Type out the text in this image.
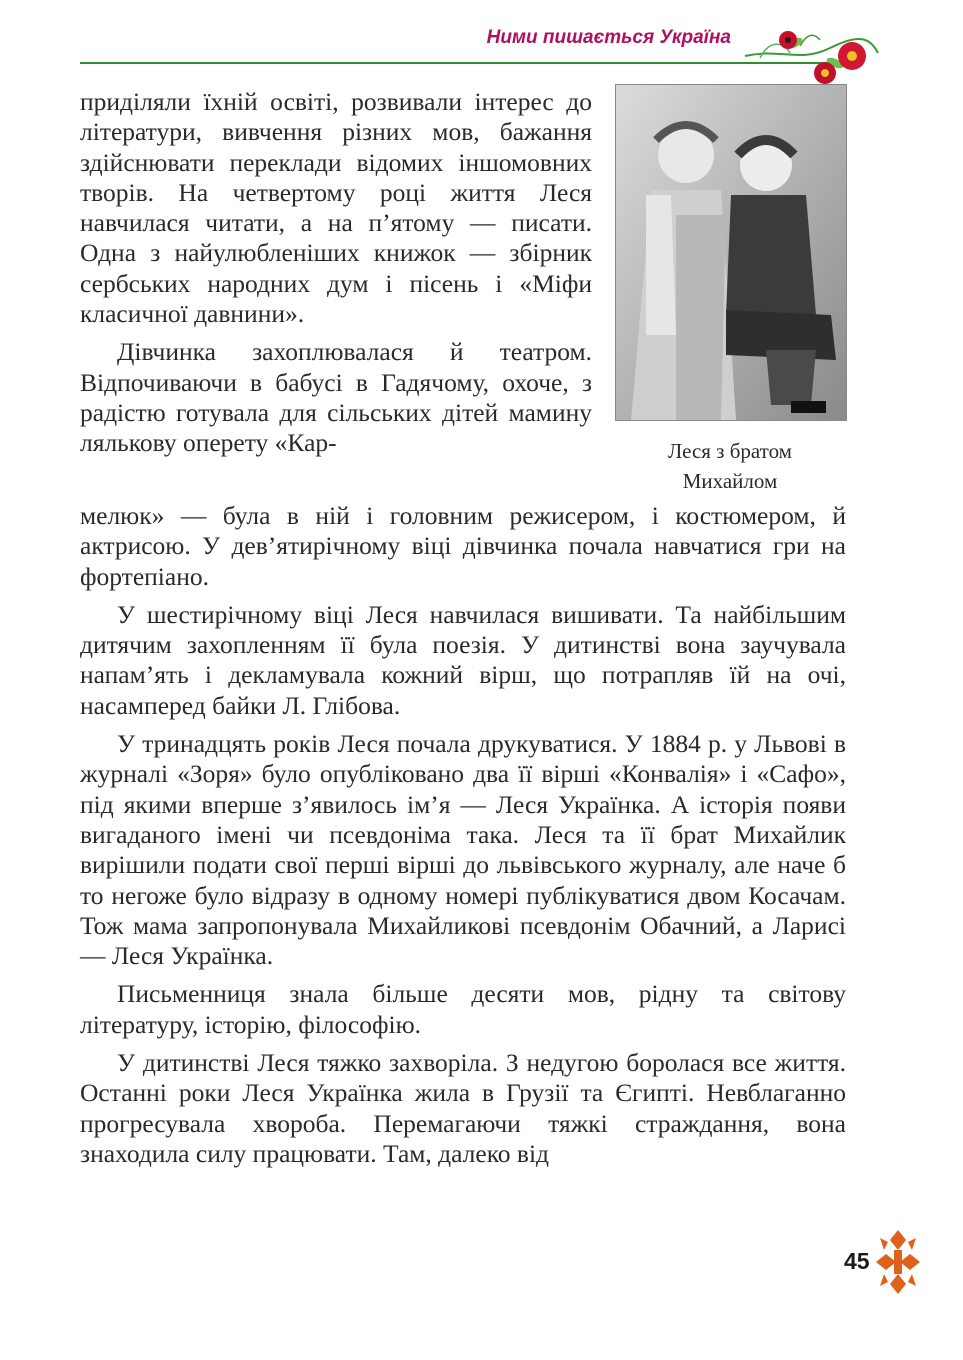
Ними пишається Україна
Леся з братом
Михайлом

приділяли їхній освіті, розвивали інтерес до літератури, вивчення різних мов, бажання здійснювати переклади відомих іншомовних творів. На четвертому році життя Леся навчилася читати, а на п’ятому — писати. Одна з найулюбленіших книжок — збірник сербських народних дум і пісень і «Міфи класичної давнини».

Дівчинка захоплювалася й театром. Відпочиваючи в бабусі в Гадячому, охоче, з радістю готувала для сільських дітей мамину лялькову оперету «Кар-

мелюк» — була в ній і головним режисером, і костюмером, й актрисою. У дев’ятирічному віці дівчинка почала навчатися гри на фортепіано.

У шестирічному віці Леся навчилася вишивати. Та найбільшим дитячим захопленням її була поезія. У дитинстві вона заучувала напам’ять і декламувала кожний вірш, що потрапляв їй на очі, насамперед байки Л. Глібова.

У тринадцять років Леся почала друкуватися. У 1884 р. у Львові в журналі «Зоря» було опубліковано два її вірші «Конвалія» і «Сафо», під якими вперше з’явилось ім’я — Леся Українка. А історія появи вигаданого імені чи псевдоніма така. Леся та її брат Михайлик вирішили подати свої перші вірші до львівського журналу, але наче б то негоже було відразу в одному номері публікуватися двом Косачам. Тож мама запропонувала Михайликові псевдонім Обачний, а Ларисі — Леся Українка.

Письменниця знала більше десяти мов, рідну та світову літературу, історію, філософію.

У дитинстві Леся тяжко захворіла. З недугою боролася все життя. Останні роки Леся Українка жила в Грузії та Єгипті. Невблаганно прогресувала хвороба. Перемагаючи тяжкі страждання, вона знаходила силу працювати. Там, далеко від

45
